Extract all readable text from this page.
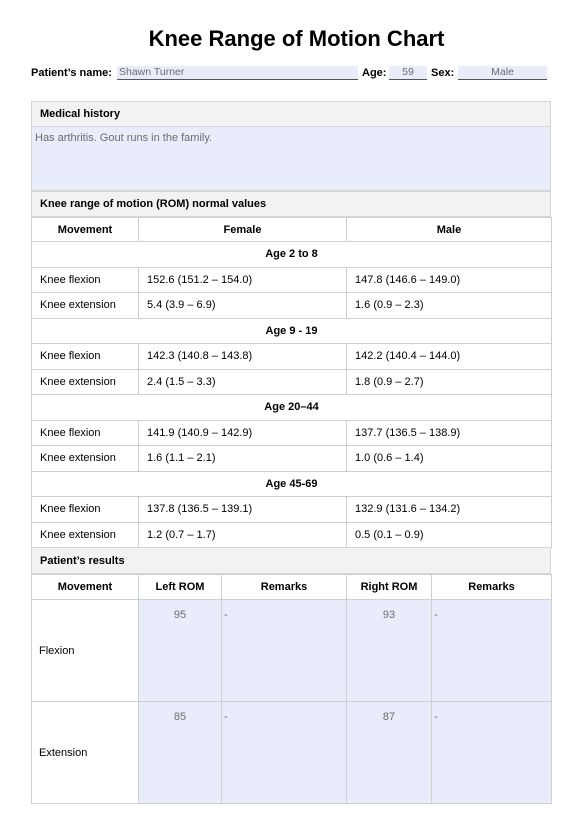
Knee Range of Motion Chart
Patient’s name: Shawn Turner	Age:	59	Sex:	Male
Medical history
Has arthritis. Gout runs in the family.
Knee range of motion (ROM) normal values
Movement	Female	Male
Age 2 to 8		
Knee flexion	152.6 (151.2 – 154.0)	147.8 (146.6 – 149.0)
Knee extension	5.4 (3.9 – 6.9)	1.6 (0.9 – 2.3)
Age 9 - 19		
Knee flexion	142.3 (140.8 – 143.8)	142.2 (140.4 – 144.0)
Knee extension	2.4 (1.5 – 3.3)	1.8 (0.9 – 2.7)
Age 20–44		
Knee flexion	141.9 (140.9 – 142.9)	137.7 (136.5 – 138.9)
Knee extension	1.6 (1.1 – 2.1)	1.0 (0.6 – 1.4)
Age 45-69		
Knee flexion	137.8 (136.5 – 139.1)	132.9 (131.6 – 134.2)
Knee extension	1.2 (0.7 – 1.7)	0.5 (0.1 – 0.9)
Patient’s results
Movement	Left ROM	Remarks	Right ROM	Remarks
Flexion	95	-	93	-
Extension	85	-	87	-
